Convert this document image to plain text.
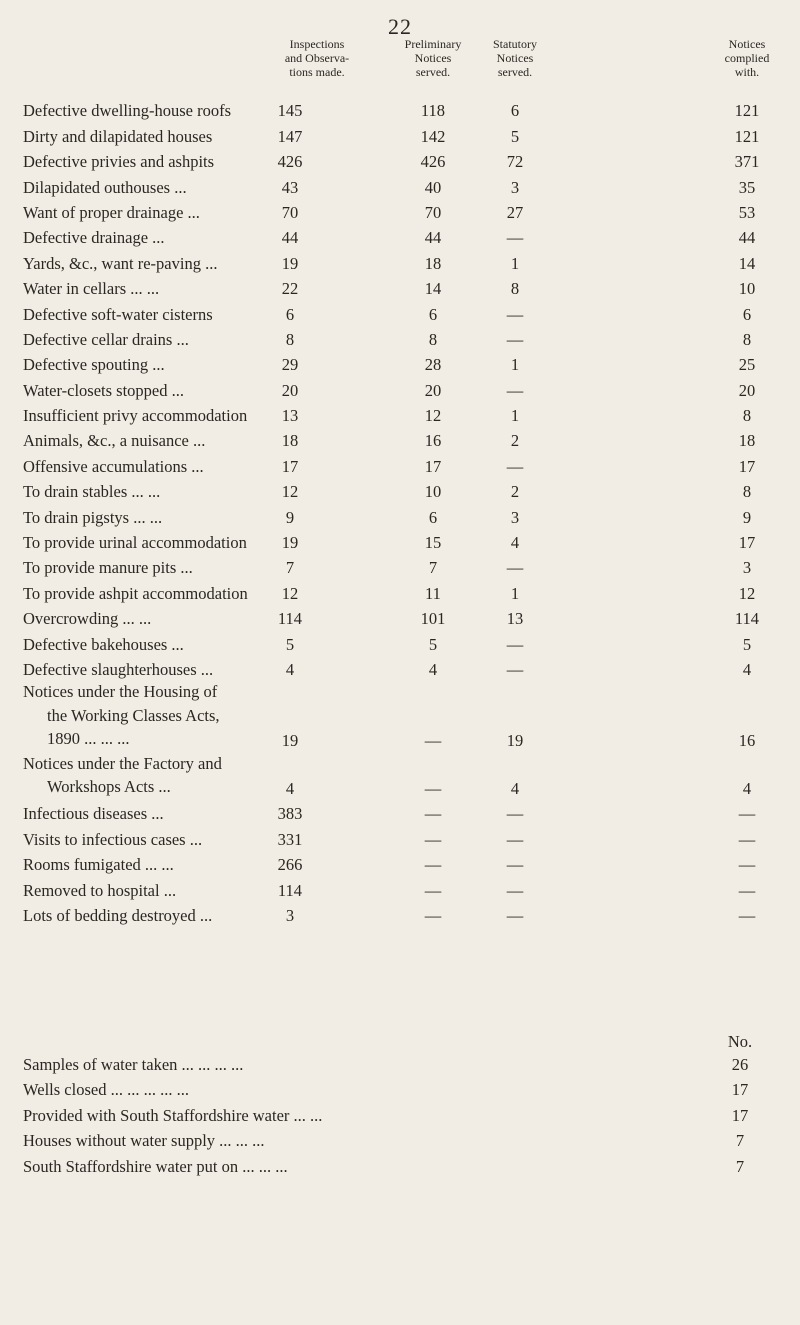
22
Inspections
and Observa-
tions made.
Preliminary
Notices
served.
Statutory
Notices
served.
Notices
complied
with.
Defective dwelling-house roofs	145	118	6	121
Dirty and dilapidated houses	147	142	5	121
Defective privies and ashpits	426	426	72	371
Dilapidated outhouses ...	43	40	3	35
Want of proper drainage ...	70	70	27	53
Defective drainage ...	44	44	—	44
Yards, &c., want re-paving ...	19	18	1	14
Water in cellars ... ...	22	14	8	10
Defective soft-water cisterns	6	6	—	6
Defective cellar drains ...	8	8	—	8
Defective spouting ...	29	28	1	25
Water-closets stopped ...	20	20	—	20
Insufficient privy accommodation	13	12	1	8
Animals, &c., a nuisance ...	18	16	2	18
Offensive accumulations ...	17	17	—	17
To drain stables ... ...	12	10	2	8
To drain pigstys ... ...	9	6	3	9
To provide urinal accommodation	19	15	4	17
To provide manure pits ...	7	7	—	3
To provide ashpit accommodation	12	11	1	12
Overcrowding ... ...	114	101	13	114
Defective bakehouses ...	5	5	—	5
Defective slaughterhouses ...	4	4	—	4
Notices under the Housing of
the Working Classes Acts,
1890 ... ... ...	19	—	19	16
Notices under the Factory and
Workshops Acts ...	4	—	4	4
Infectious diseases ...	383	—	—	—
Visits to infectious cases ...	331	—	—	—
Rooms fumigated ... ...	266	—	—	—
Removed to hospital ...	114	—	—	—
Lots of bedding destroyed ...	3	—	—	—
No.
Samples of water taken ... ... ... ...	26
Wells closed ... ... ... ... ...	17
Provided with South Staffordshire water ... ...	17
Houses without water supply ... ... ...	7
South Staffordshire water put on ... ... ...	7
